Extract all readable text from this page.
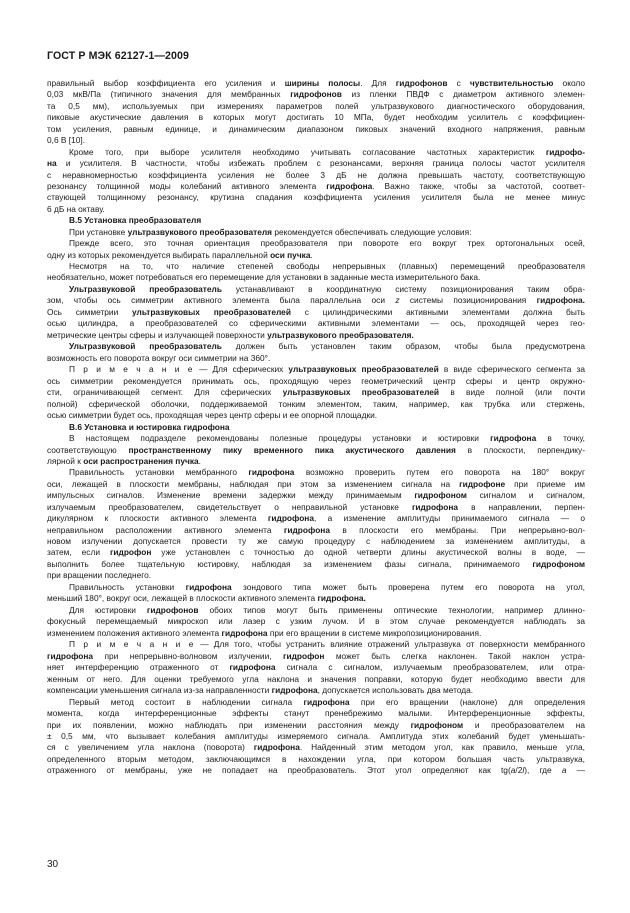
ГОСТ Р МЭК 62127-1—2009
правильный выбор коэффициента его усиления и ширины полосы. Для гидрофонов с чувствительностью около
0,03 мкВ/Па (типичного значения для мембранных гидрофонов из пленки ПВДФ с диаметром активного элемен-
та 0,5 мм), используемых при измерениях параметров полей ультразвукового диагностического оборудования,
пиковые акустические давления в которых могут достигать 10 МПа, будет необходим усилитель с коэффициен-
том усиления, равным единице, и динамическим диапазоном пиковых значений входного напряжения, равным
0,6 В [10].
Кроме того, при выборе усилителя необходимо учитывать согласование частотных характеристик гидрофо-
на и усилителя. В частности, чтобы избежать проблем с резонансами, верхняя граница полосы частот усилителя
с неравномерностью коэффициента усиления не более 3 дБ не должна превышать частоту, соответствующую
резонансу толщинной моды колебаний активного элемента гидрофона. Важно также, чтобы за частотой, соответ-
ствующей толщинному резонансу, крутизна спадания коэффициента усиления усилителя была не менее минус
6 дБ на октаву.
В.5 Установка преобразователя
При установке ультразвукового преобразователя рекомендуется обеспечивать следующие условия:
Прежде всего, это точная ориентация преобразователя при повороте его вокруг трех ортогональных осей,
одну из которых рекомендуется выбирать параллельной оси пучка.
Несмотря на то, что наличие степеней свободы непрерывных (плавных) перемещений преобразователя
необязательно, может потребоваться его перемещение для установки в заданные места измерительного бака.
Ультразвуковой преобразователь устанавливают в координатную систему позиционирования таким обра-
зом, чтобы ось симметрии активного элемента была параллельна оси z системы позиционирования гидрофона.
Ось симметрии ультразвуковых преобразователей с цилиндрическими активными элементами должна быть
осью цилиндра, а преобразователей со сферическими активными элементами — ось, проходящей через гео-
метрические центры сферы и излучающей поверхности ультразвукового преобразователя.
Ультразвуковой преобразователь должен быть установлен таким образом, чтобы была предусмотрена
возможность его поворота вокруг оси симметрии на 360°.
П р и м е ч а н и е — Для сферических ультразвуковых преобразователей в виде сферического сегмента за
ось симметрии рекомендуется принимать ось, проходящую через геометрический центр сферы и центр окружно-
сти, ограничивающей сегмент. Для сферических ультразвуковых преобразователей в виде полной (или почти
полной) сферической оболочки, поддерживаемой тонким элементом, таким, например, как трубка или стержень,
осью симметрии будет ось, проходящая через центр сферы и ее опорной площадки.
В.6 Установка и юстировка гидрофона
В настоящем подразделе рекомендованы полезные процедуры установки и юстировки гидрофона в точку,
соответствующую пространственному пику временного пика акустического давления в плоскости, перпендику-
лярной к оси распространения пучка.
Правильность установки мембранного гидрофона возможно проверить путем его поворота на 180° вокруг
оси, лежащей в плоскости мембраны, наблюдая при этом за изменением сигнала на гидрофоне при приеме им
импульсных сигналов. Изменение времени задержки между принимаемым гидрофоном сигналом и сигналом,
излучаемым преобразователем, свидетельствует о неправильной установке гидрофона в направлении, перпен-
дикулярном к плоскости активного элемента гидрофона, а изменение амплитуды принимаемого сигнала — о
неправильном расположении активного элемента гидрофона в плоскости его мембраны. При непрерывно-вол-
новом излучении допускается провести ту же самую процедуру с наблюдением за изменением амплитуды, а
затем, если гидрофон уже установлен с точностью до одной четверти длины акустической волны в воде, —
выполнить более тщательную юстировку, наблюдая за изменением фазы сигнала, принимаемого гидрофоном
при вращении последнего.
Правильность установки гидрофона зондового типа может быть проверена путем его поворота на угол,
меньший 180°, вокруг оси, лежащей в плоскости активного элемента гидрофона.
Для юстировки гидрофонов обоих типов могут быть применены оптические технологии, например длинно-
фокусный перемещаемый микроскоп или лазер с узким лучом. И в этом случае рекомендуется наблюдать за
изменением положения активного элемента гидрофона при его вращении в системе микропозиционирования.
П р и м е ч а н и е — Для того, чтобы устранить влияние отражений ультразвука от поверхности мембранного
гидрофона при непрерывно-волновом излучении, гидрофон может быть слегка наклонен. Такой наклон устра-
няет интерференцию отраженного от гидрофона сигнала с сигналом, излучаемым преобразователем, или отра-
женным от него. Для оценки требуемого угла наклона и значения поправки, которую будет необходимо ввести для
компенсации уменьшения сигнала из-за направленности гидрофона, допускается использовать два метода.
Первый метод состоит в наблюдении сигнала гидрофона при его вращении (наклоне) для определения
момента, когда интерференционные эффекты станут пренебрежимо малыми. Интерференционные эффекты,
при их появлении, можно наблюдать при изменении расстояния между гидрофоном и преобразователем на
± 0,5 мм, что вызывает колебания амплитуды измеряемого сигнала. Амплитуда этих колебаний будет уменьшать-
ся с увеличением угла наклона (поворота) гидрофона. Найденный этим методом угол, как правило, меньше угла,
определенного вторым методом, заключающимся в нахождении угла, при котором большая часть ультразвука,
отраженного от мембраны, уже не попадает на преобразователь. Этот угол определяют как tg(a/2l), где a —
30
